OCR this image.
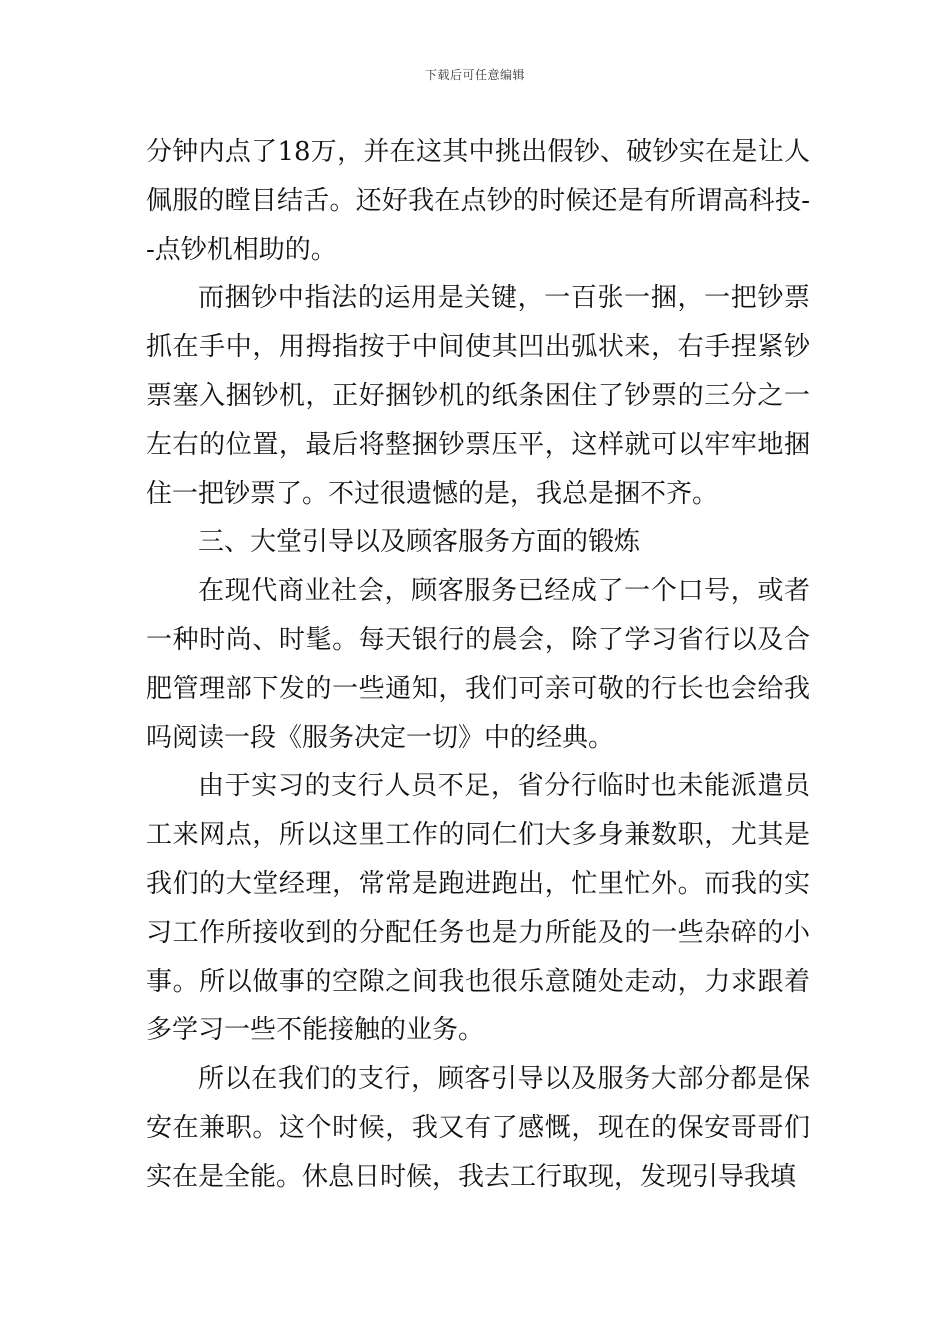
下载后可任意编辑

分钟内点了18万，并在这其中挑出假钞、破钞实在是让人佩服的瞠目结舌。还好我在点钞的时候还是有所谓高科技--点钞机相助的。

而捆钞中指法的运用是关键，一百张一捆，一把钞票抓在手中，用拇指按于中间使其凹出弧状来，右手捏紧钞票塞入捆钞机，正好捆钞机的纸条困住了钞票的三分之一左右的位置，最后将整捆钞票压平，这样就可以牢牢地捆住一把钞票了。不过很遗憾的是，我总是捆不齐。

三、大堂引导以及顾客服务方面的锻炼

在现代商业社会，顾客服务已经成了一个口号，或者一种时尚、时髦。每天银行的晨会，除了学习省行以及合肥管理部下发的一些通知，我们可亲可敬的行长也会给我吗阅读一段《服务决定一切》中的经典。

由于实习的支行人员不足，省分行临时也未能派遣员工来网点，所以这里工作的同仁们大多身兼数职，尤其是我们的大堂经理，常常是跑进跑出，忙里忙外。而我的实习工作所接收到的分配任务也是力所能及的一些杂碎的小事。所以做事的空隙之间我也很乐意随处走动，力求跟着多学习一些不能接触的业务。

所以在我们的支行，顾客引导以及服务大部分都是保安在兼职。这个时候，我又有了感慨，现在的保安哥哥们实在是全能。休息日时候，我去工行取现，发现引导我填
